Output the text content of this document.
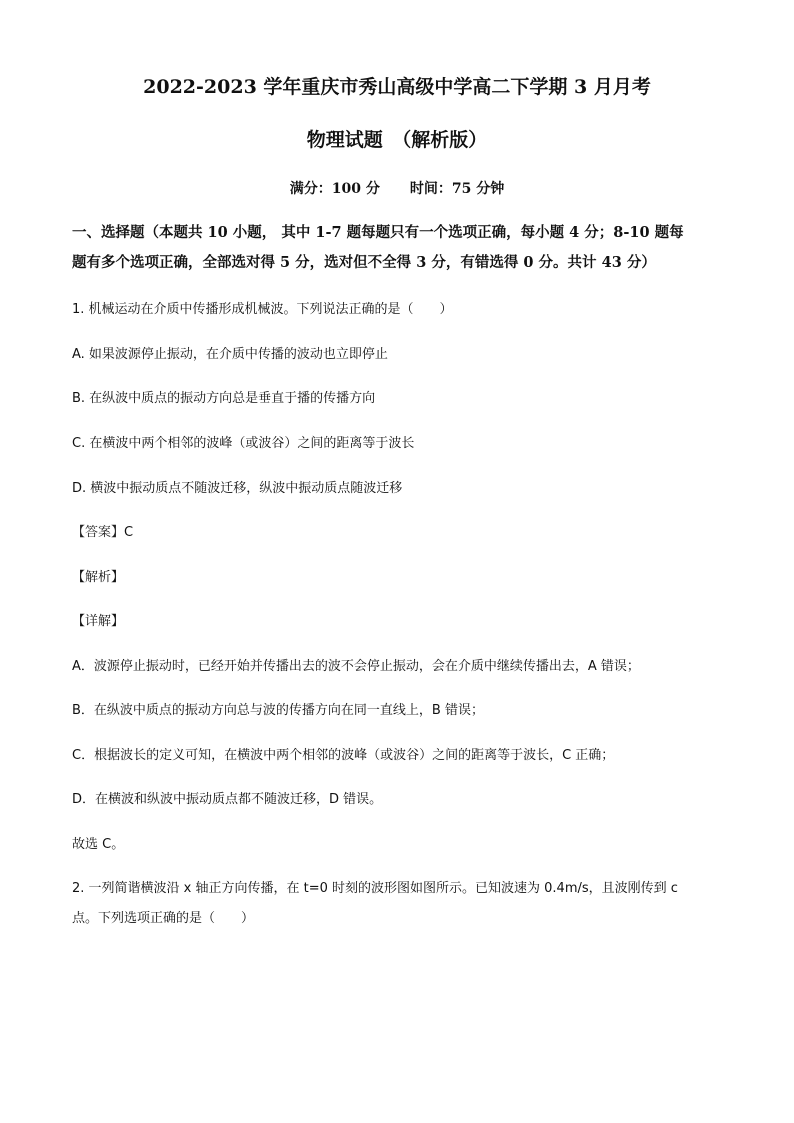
2022-2023 学年重庆市秀山高级中学高二下学期 3 月月考
物理试题　（解析版）
满分：100 分 时间：75 分钟
一、选择题（本题共 10 小题， 其中 1-7 题每题只有一个选项正确，每小题 4 分；8-10 题每
题有多个选项正确，全部选对得 5 分，选对但不全得 3 分，有错选得 0 分。共计 43 分）
1. 机械运动在介质中传播形成机械波。下列说法正确的是（　　）
A. 如果波源停止振动，在介质中传播的波动也立即停止
B. 在纵波中质点的振动方向总是垂直于播的传播方向
C. 在横波中两个相邻的波峰（或波谷）之间的距离等于波长
D. 横波中振动质点不随波迁移，纵波中振动质点随波迁移
【答案】C
【解析】
【详解】
A．波源停止振动时，已经开始并传播出去的波不会停止振动，会在介质中继续传播出去，A 错误；
B．在纵波中质点的振动方向总与波的传播方向在同一直线上，B 错误；
C．根据波长的定义可知，在横波中两个相邻的波峰（或波谷）之间的距离等于波长，C 正确；
D．在横波和纵波中振动质点都不随波迁移，D 错误。
故选 C。
2. 一列简谐横波沿 x 轴正方向传播，在 t=0 时刻的波形图如图所示。已知波速为 0.4m/s，且波刚传到 c
点。下列选项正确的是（　　）
